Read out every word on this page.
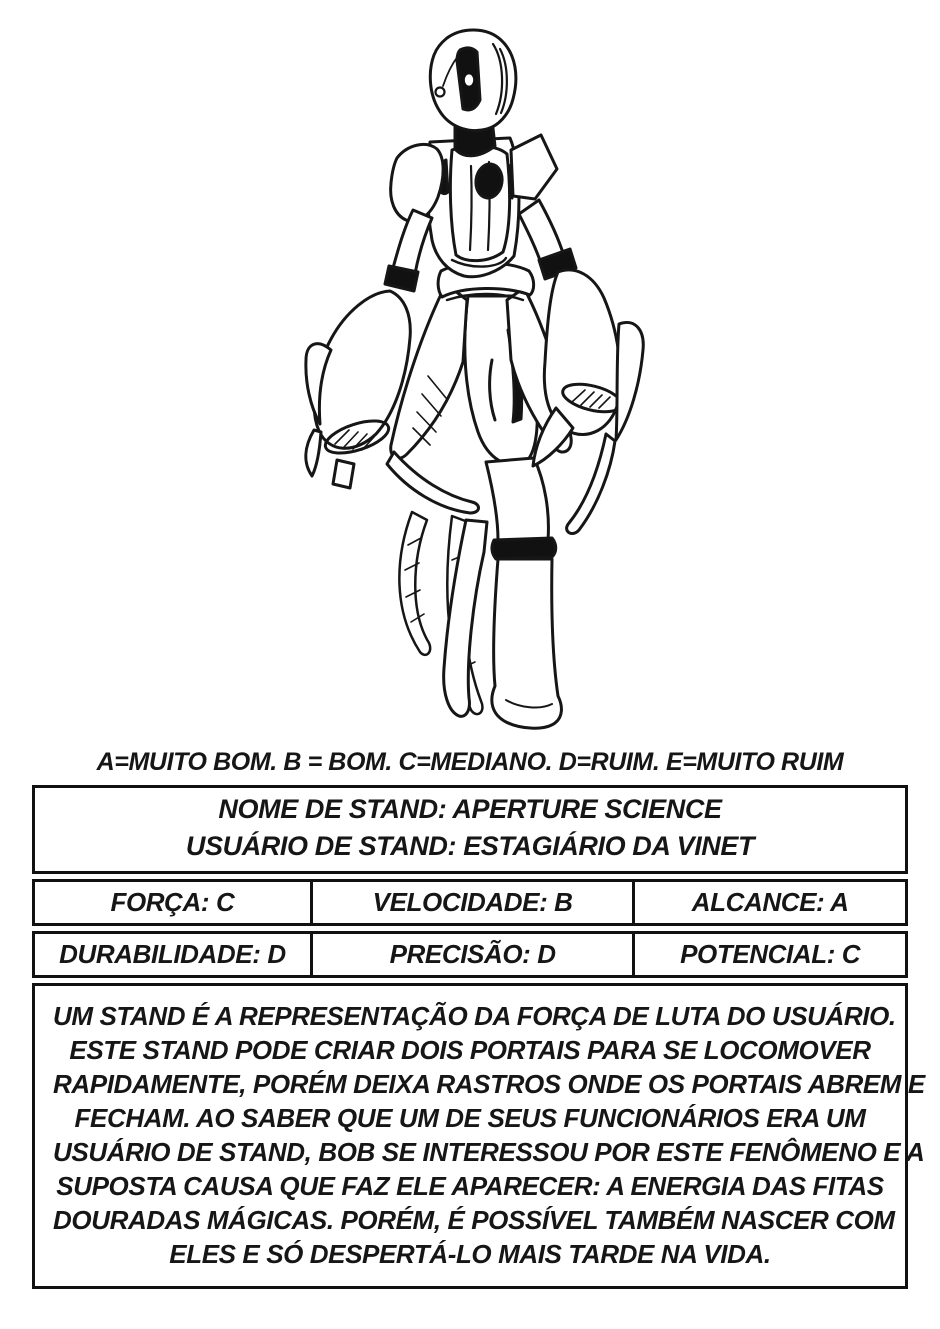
A=MUITO BOM. B = BOM. C=MEDIANO. D=RUIM. E=MUITO RUIM
NOME DE STAND: APERTURE SCIENCE
USUÁRIO DE STAND: ESTAGIÁRIO DA VINET
FORÇA: C	VELOCIDADE: B	ALCANCE: A
DURABILIDADE: D	PRECISÃO: D	POTENCIAL: C
UM STAND É A REPRESENTAÇÃO DA FORÇA DE LUTA DO USUÁRIO.
ESTE STAND PODE CRIAR DOIS PORTAIS PARA SE LOCOMOVER
RAPIDAMENTE, PORÉM DEIXA RASTROS ONDE OS PORTAIS ABREM E
FECHAM. AO SABER QUE UM DE SEUS FUNCIONÁRIOS ERA UM
USUÁRIO DE STAND, BOB SE INTERESSOU POR ESTE FENÔMENO E A
SUPOSTA CAUSA QUE FAZ ELE APARECER: A ENERGIA DAS FITAS
DOURADAS MÁGICAS. PORÉM, É POSSÍVEL TAMBÉM NASCER COM
ELES E SÓ DESPERTÁ-LO MAIS TARDE NA VIDA.
